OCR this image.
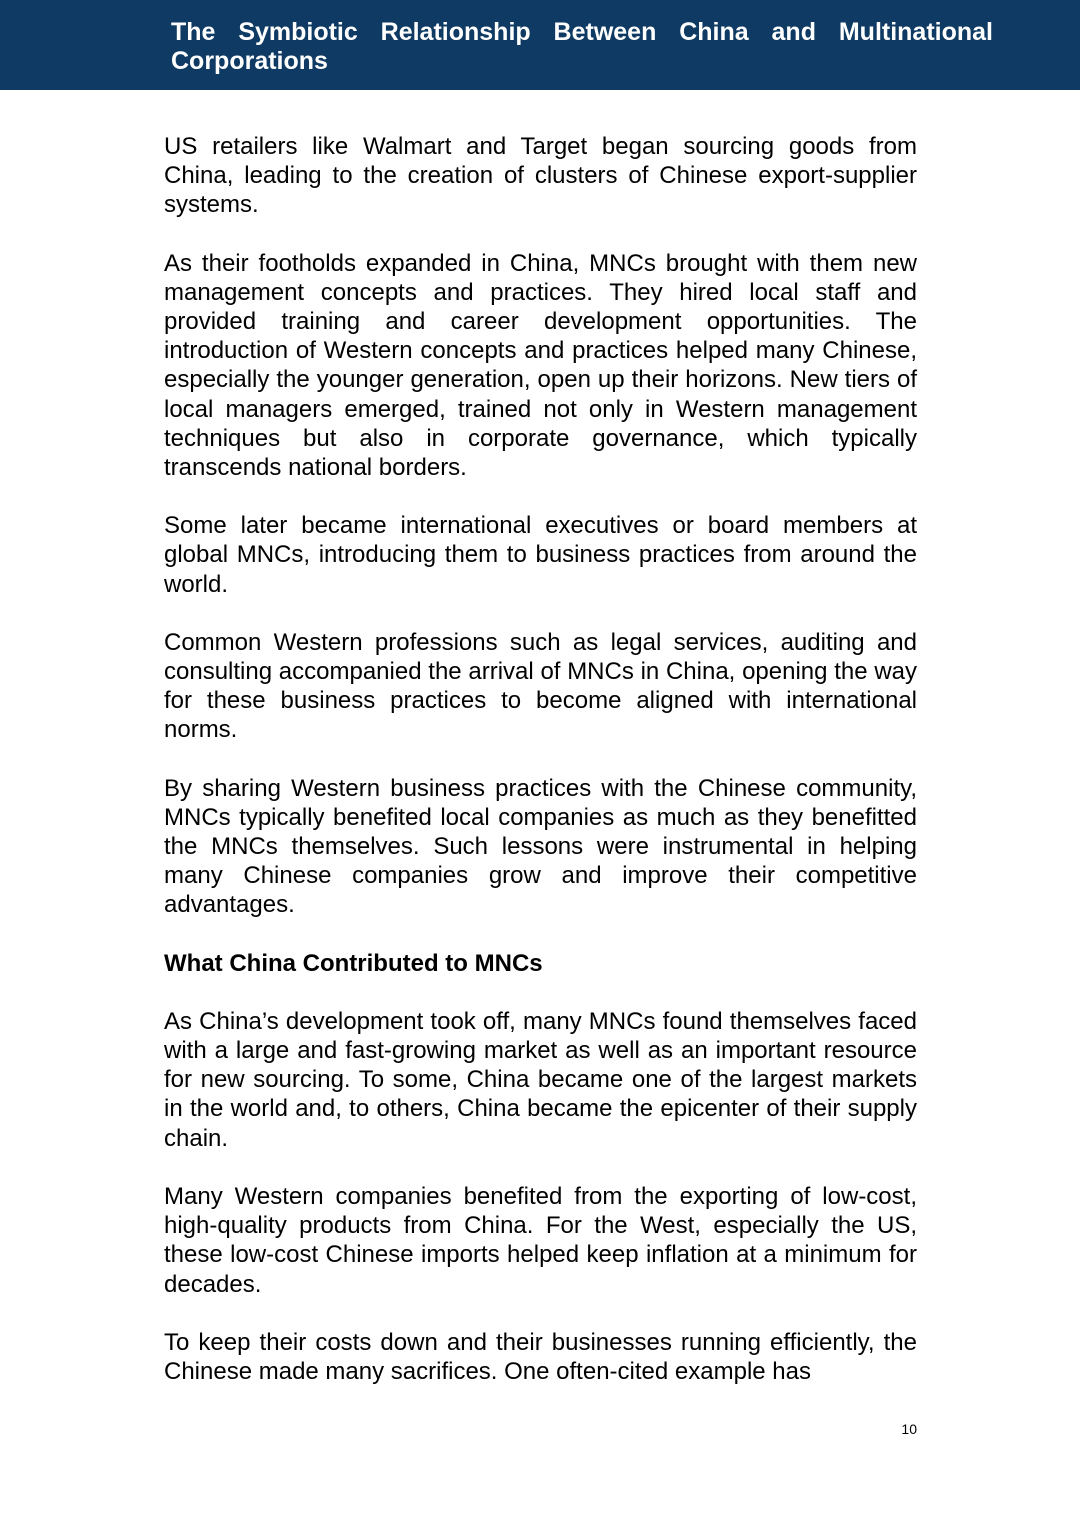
The Symbiotic Relationship Between China and Multinational Corporations

US retailers like Walmart and Target began sourcing goods from China, leading to the creation of clusters of Chinese export-supplier systems.

As their footholds expanded in China, MNCs brought with them new management concepts and practices. They hired local staff and provided training and career development opportunities. The introduction of Western concepts and practices helped many Chinese, especially the younger generation, open up their horizons. New tiers of local managers emerged, trained not only in Western management techniques but also in corporate governance, which typically transcends national borders.

Some later became international executives or board members at global MNCs, introducing them to business practices from around the world.

Common Western professions such as legal services, auditing and consulting accompanied the arrival of MNCs in China, opening the way for these business practices to become aligned with international norms.

By sharing Western business practices with the Chinese community, MNCs typically benefited local companies as much as they benefitted the MNCs themselves. Such lessons were instrumental in helping many Chinese companies grow and improve their competitive advantages.

What China Contributed to MNCs

As China’s development took off, many MNCs found themselves faced with a large and fast-growing market as well as an important resource for new sourcing. To some, China became one of the largest markets in the world and, to others, China became the epicenter of their supply chain.

Many Western companies benefited from the exporting of low-cost, high-quality products from China. For the West, especially the US, these low-cost Chinese imports helped keep inflation at a minimum for decades.

To keep their costs down and their businesses running efficiently, the Chinese made many sacrifices. One often-cited example has

10
